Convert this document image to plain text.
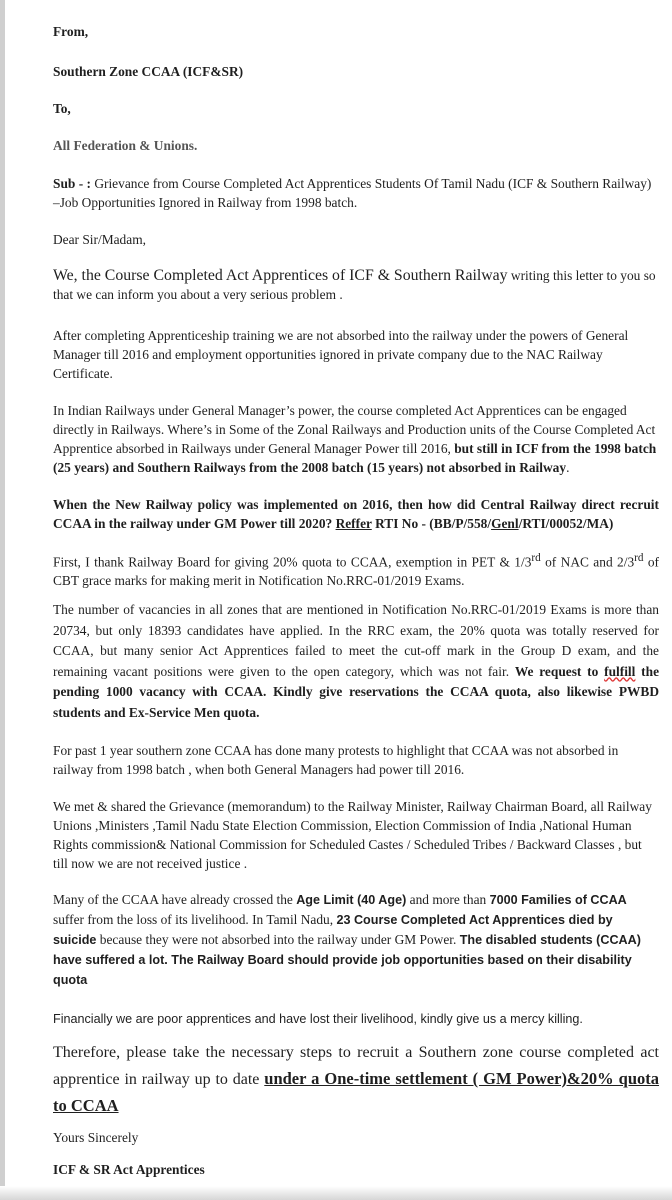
From,

Southern Zone CCAA (ICF&SR)

To,

All Federation & Unions.

Sub - : Grievance from Course Completed Act Apprentices Students Of Tamil Nadu (ICF & Southern Railway) –Job Opportunities Ignored in Railway from 1998 batch.

Dear Sir/Madam,

We, the Course Completed Act Apprentices of ICF & Southern Railway writing this letter to you so that we can inform you about a very serious problem .

After completing Apprenticeship training we are not absorbed into the railway under the powers of General Manager till 2016 and employment opportunities ignored in private company due to the NAC Railway Certificate.

In Indian Railways under General Manager’s power, the course completed Act Apprentices can be engaged directly in Railways. Where’s in Some of the Zonal Railways and Production units of the Course Completed Act Apprentice absorbed in Railways under General Manager Power till 2016, but still in ICF from the 1998 batch (25 years) and Southern Railways from the 2008 batch (15 years) not absorbed in Railway.

When the New Railway policy was implemented on 2016, then how did Central Railway direct recruit CCAA in the railway under GM Power till 2020? Reffer RTI No - (BB/P/558/Genl/RTI/00052/MA)

First, I thank Railway Board for giving 20% quota to CCAA, exemption in PET & 1/3rd of NAC and 2/3rd of CBT grace marks for making merit in Notification No.RRC-01/2019 Exams.

The number of vacancies in all zones that are mentioned in Notification No.RRC-01/2019 Exams is more than 20734, but only 18393 candidates have applied. In the RRC exam, the 20% quota was totally reserved for CCAA, but many senior Act Apprentices failed to meet the cut-off mark in the Group D exam, and the remaining vacant positions were given to the open category, which was not fair. We request to fulfill the pending 1000 vacancy with CCAA. Kindly give reservations the CCAA quota, also likewise PWBD students and Ex-Service Men quota.

For past 1 year southern zone CCAA has done many protests to highlight that CCAA was not absorbed in railway from 1998 batch , when both General Managers had power till 2016.

We met & shared the Grievance (memorandum) to the Railway Minister, Railway Chairman Board, all Railway Unions ,Ministers ,Tamil Nadu State Election Commission, Election Commission of India ,National Human Rights commission& National Commission for Scheduled Castes / Scheduled Tribes / Backward Classes , but till now we are not received justice .

Many of the CCAA have already crossed the Age Limit (40 Age) and more than 7000 Families of CCAA suffer from the loss of its livelihood. In Tamil Nadu, 23 Course Completed Act Apprentices died by suicide because they were not absorbed into the railway under GM Power. The disabled students (CCAA) have suffered a lot. The Railway Board should provide job opportunities based on their disability quota

Financially we are poor apprentices and have lost their livelihood, kindly give us a mercy killing.

Therefore, please take the necessary steps to recruit a Southern zone course completed act apprentice in railway up to date under a One-time settlement ( GM Power)&20% quota to CCAA

Yours Sincerely

ICF & SR Act Apprentices
